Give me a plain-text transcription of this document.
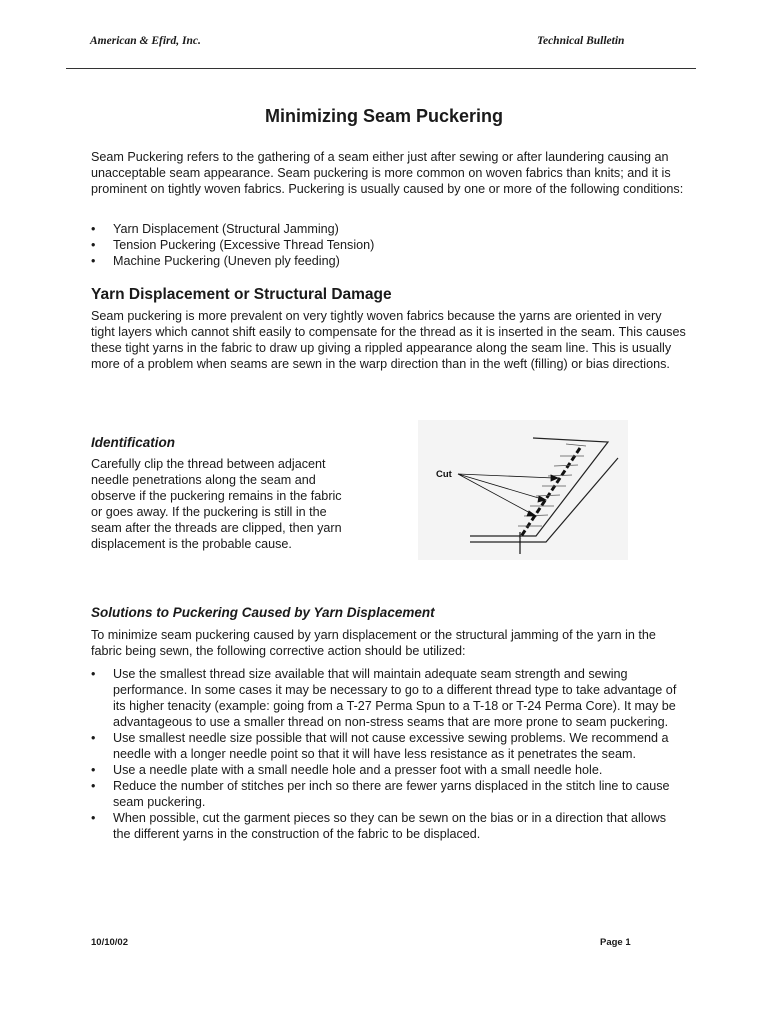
American & Efird, Inc.	Technical Bulletin
Minimizing Seam Puckering
Seam Puckering refers to the gathering of a seam either just after sewing or after laundering causing an unacceptable seam appearance. Seam puckering is more common on woven fabrics than knits; and it is prominent on tightly woven fabrics. Puckering is usually caused by one or more of the following conditions:
• Yarn Displacement (Structural Jamming)
• Tension Puckering (Excessive Thread Tension)
• Machine Puckering (Uneven ply feeding)
Yarn Displacement or Structural Damage
Seam puckering is more prevalent on very tightly woven fabrics because the yarns are oriented in very tight layers which cannot shift easily to compensate for the thread as it is inserted in the seam. This causes these tight yarns in the fabric to draw up giving a rippled appearance along the seam line. This is usually more of a problem when seams are sewn in the warp direction than in the weft (filling) or bias directions.
Identification
Carefully clip the thread between adjacent needle penetrations along the seam and observe if the puckering remains in the fabric or goes away. If the puckering is still in the seam after the threads are clipped, then yarn displacement is the probable cause.
Cut
Solutions to Puckering Caused by Yarn Displacement
To minimize seam puckering caused by yarn displacement or the structural jamming of the yarn in the fabric being sewn, the following corrective action should be utilized:
• Use the smallest thread size available that will maintain adequate seam strength and sewing performance. In some cases it may be necessary to go to a different thread type to take advantage of its higher tenacity (example: going from a T-27 Perma Spun to a T-18 or T-24 Perma Core). It may be advantageous to use a smaller thread on non-stress seams that are more prone to seam puckering.
• Use smallest needle size possible that will not cause excessive sewing problems. We recommend a needle with a longer needle point so that it will have less resistance as it penetrates the seam.
• Use a needle plate with a small needle hole and a presser foot with a small needle hole.
• Reduce the number of stitches per inch so there are fewer yarns displaced in the stitch line to cause seam puckering.
• When possible, cut the garment pieces so they can be sewn on the bias or in a direction that allows the different yarns in the construction of the fabric to be displaced.
10/10/02	Page 1
